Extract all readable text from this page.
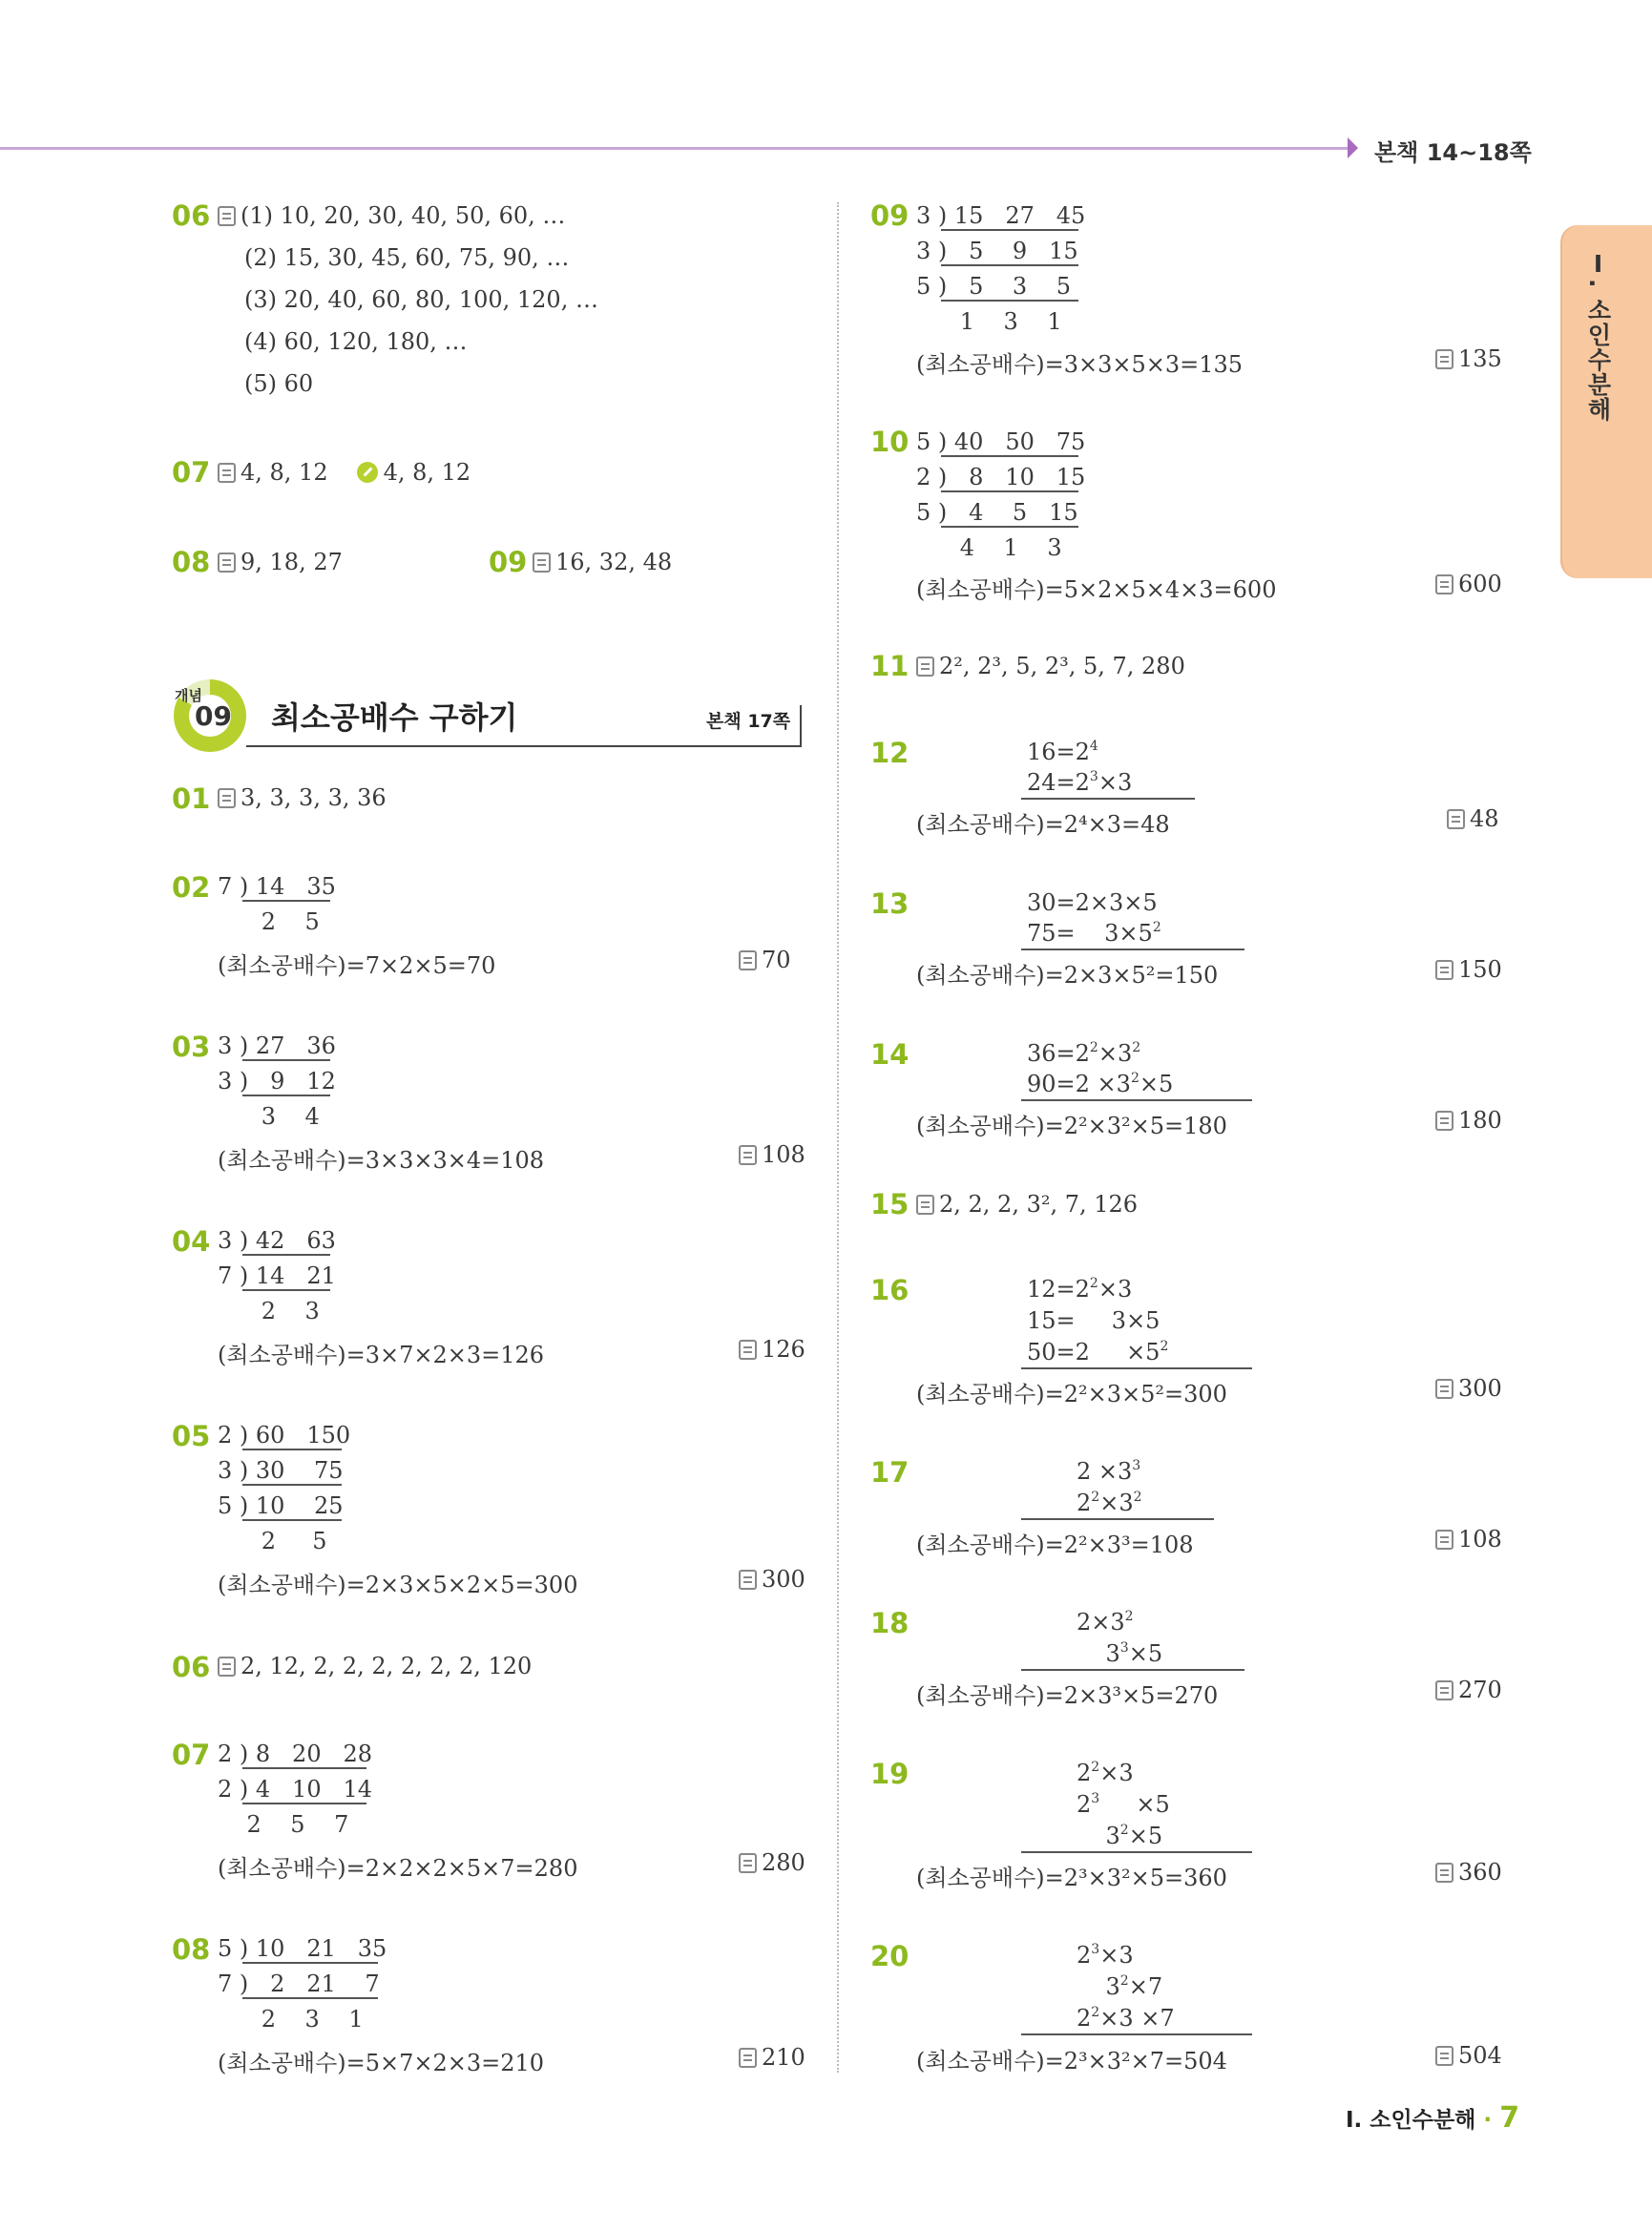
본책 14~18쪽
Ⅰ. 소인수분해
06	(1) 10, 20, 30, 40, 50, 60, …
(2) 15, 30, 45, 60, 75, 90, …
(3) 20, 40, 60, 80, 100, 120, …
(4) 60, 120, 180, …
(5) 60
07	4, 8, 12 4, 8, 12
08	9, 18, 27	09	16, 32, 48
개념
09 최소공배수 구하기	본책 17쪽
01	3, 3, 3, 3, 36
02 7 ) 14   35
2    5
(최소공배수)=7×2×5=70	70
03 3 ) 27   36
3 )   9   12
3    4
(최소공배수)=3×3×3×4=108	108
04 3 ) 42   63
7 ) 14   21
2    3
(최소공배수)=3×7×2×3=126	126
05 2 ) 60   150
3 ) 30    75
5 ) 10    25
2     5
(최소공배수)=2×3×5×2×5=300	300
06	2, 12, 2, 2, 2, 2, 2, 2, 120
07 2 ) 8   20   28
2 ) 4   10   14
2    5    7
(최소공배수)=2×2×2×5×7=280	280
08 5 ) 10   21   35
7 )   2   21    7
2    3    1
(최소공배수)=5×7×2×3=210	210
09 3 ) 15   27   45
3 )   5    9   15
5 )   5    3    5
1    3    1
(최소공배수)=3×3×5×3=135	135
10 5 ) 40   50   75
2 )   8   10   15
5 )   4    5   15
4    1    3
(최소공배수)=5×2×5×4×3=600	600
11	2², 2³, 5, 2³, 5, 7, 280
12	$16=2^4$
$24=2^3\times 3$
(최소공배수)=2⁴×3=48	48
13	30=2×3×5
75=    $3\times 5^2$
(최소공배수)=2×3×5²=150	150
14	$36=2^2\times 3^2$
$90=2 \times 3^2\times 5$
(최소공배수)=2²×3²×5=180	180
15	2, 2, 2, 3², 7, 126
16	$12=2^2\times 3$
15=     3×5
50=2     $\times 5^2$
(최소공배수)=2²×3×5²=300	300
17	$2 \times 3^3$
$2^2\times 3^2$
(최소공배수)=2²×3³=108	108
18	$2\times 3^2$
$3^3\times 5$
(최소공배수)=2×3³×5=270	270
19	$2^2\times 3$
$2^3$     ×5
$3^2\times 5$
(최소공배수)=2³×3²×5=360	360
20	$2^3\times 3$
$3^2\times 7$
$2^2\times 3 \times 7$
(최소공배수)=2³×3²×7=504	504
Ⅰ. 소인수분해 · 7
